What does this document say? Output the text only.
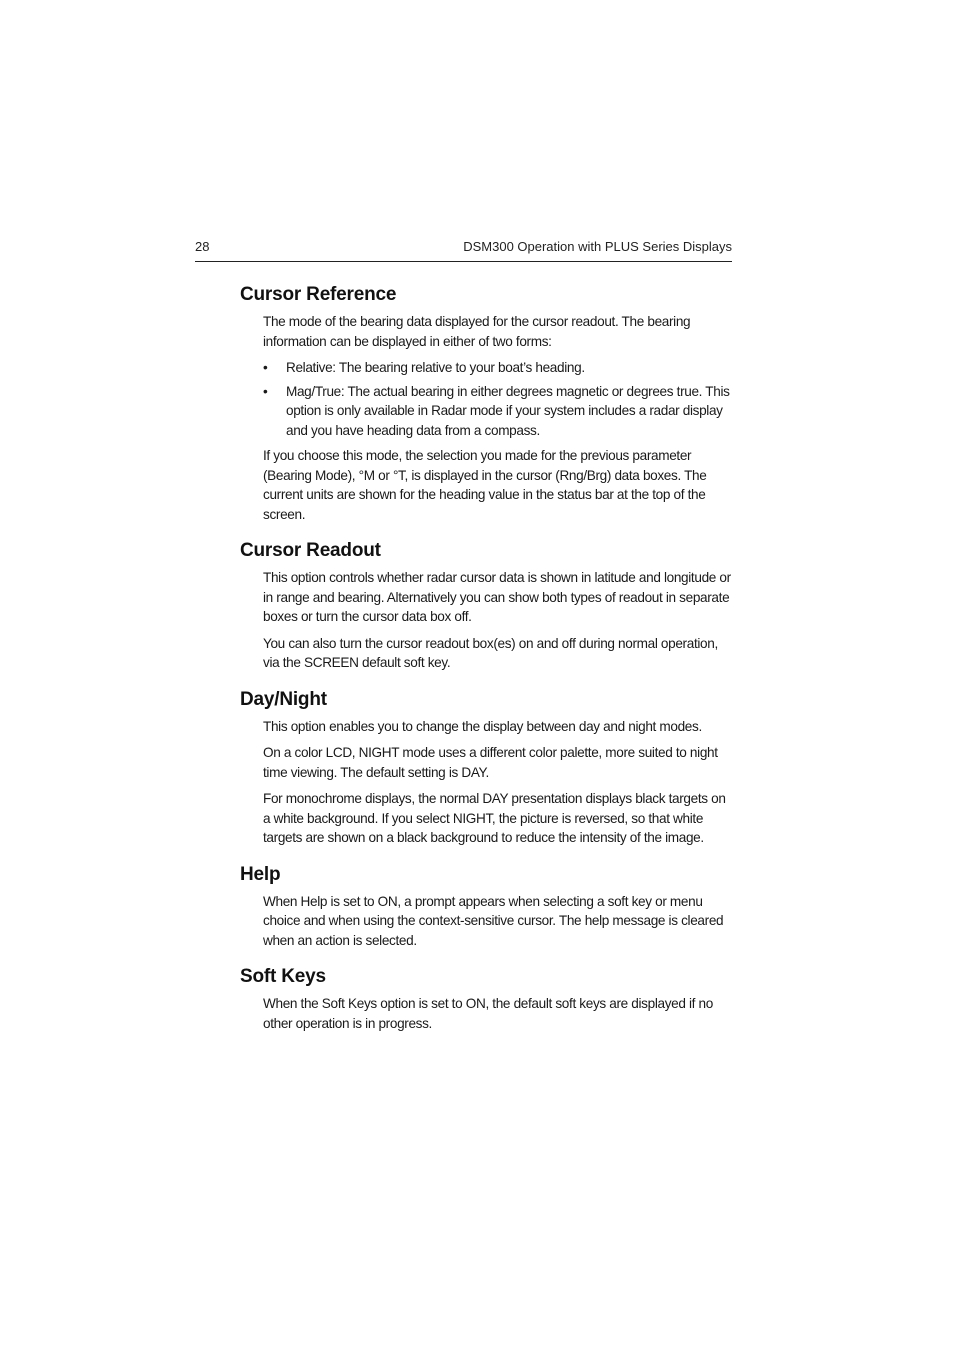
28	DSM300 Operation with PLUS Series Displays
Cursor Reference

The mode of the bearing data displayed for the cursor readout. The bearing information can be displayed in either of two forms:

• Relative: The bearing relative to your boat’s heading.
• Mag/True: The actual bearing in either degrees magnetic or degrees true. This option is only available in Radar mode if your system includes a radar display and you have heading data from a compass.

If you choose this mode, the selection you made for the previous parameter (Bearing Mode), °M or °T, is displayed in the cursor (Rng/Brg) data boxes. The current units are shown for the heading value in the status bar at the top of the screen.

Cursor Readout

This option controls whether radar cursor data is shown in latitude and longitude or in range and bearing. Alternatively you can show both types of readout in separate boxes or turn the cursor data box off.

You can also turn the cursor readout box(es) on and off during normal operation, via the SCREEN default soft key.

Day/Night

This option enables you to change the display between day and night modes.

On a color LCD, NIGHT mode uses a different color palette, more suited to night time viewing. The default setting is DAY.

For monochrome displays, the normal DAY presentation displays black targets on a white background. If you select NIGHT, the picture is reversed, so that white targets are shown on a black background to reduce the intensity of the image.

Help

When Help is set to ON, a prompt appears when selecting a soft key or menu choice and when using the context-sensitive cursor. The help message is cleared when an action is selected.

Soft Keys

When the Soft Keys option is set to ON, the default soft keys are displayed if no other operation is in progress.
